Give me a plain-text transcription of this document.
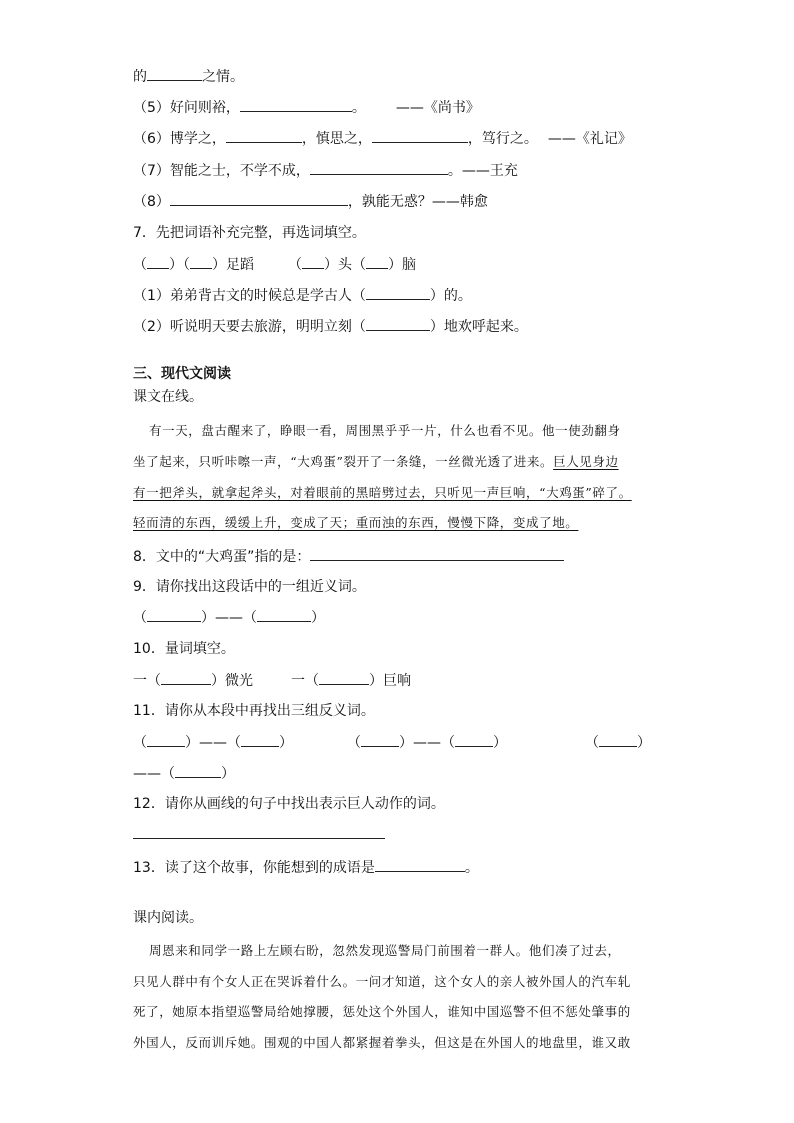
的	之情。
（5）好问则裕，	。 ——《尚书》
（6）博学之，	，慎思之，	，笃行之。 ——《礼记》
（7）智能之士，不学不成，	。——王充
（8）	，孰能无惑？——韩愈
7．先把词语补充完整，再选词填空。
（ ）（ ）足蹈 （ ）头（ ）脑
（1）弟弟背古文的时候总是学古人（	）的。
（2）听说明天要去旅游，明明立刻（	）地欢呼起来。
三、现代文阅读
课文在线。
有一天，盘古醒来了，睁眼一看，周围黑乎乎一片，什么也看不见。他一使劲翻身
坐了起来，只听咔嚓一声，“大鸡蛋”裂开了一条缝，一丝微光透了进来。巨人见身边
有一把斧头，就拿起斧头，对着眼前的黑暗劈过去，只听见一声巨响，“大鸡蛋”碎了。
轻而清的东西，缓缓上升，变成了天；重而浊的东西，慢慢下降，变成了地。
8．文中的“大鸡蛋”指的是：
9．请你找出这段话中的一组近义词。
（	）——（	）
10．量词填空。
一（	）微光	一（	）巨响
11．请你从本段中再找出三组反义词。
（	）——（	）	（	）——（	）	（	）
——（	）
12．请你从画线的句子中找出表示巨人动作的词。
13．读了这个故事，你能想到的成语是	。
课内阅读。
周恩来和同学一路上左顾右盼，忽然发现巡警局门前围着一群人。他们凑了过去，
只见人群中有个女人正在哭诉着什么。一问才知道，这个女人的亲人被外国人的汽车轧
死了，她原本指望巡警局给她撑腰，惩处这个外国人，谁知中国巡警不但不惩处肇事的
外国人，反而训斥她。围观的中国人都紧握着拳头，但这是在外国人的地盘里，谁又敢
